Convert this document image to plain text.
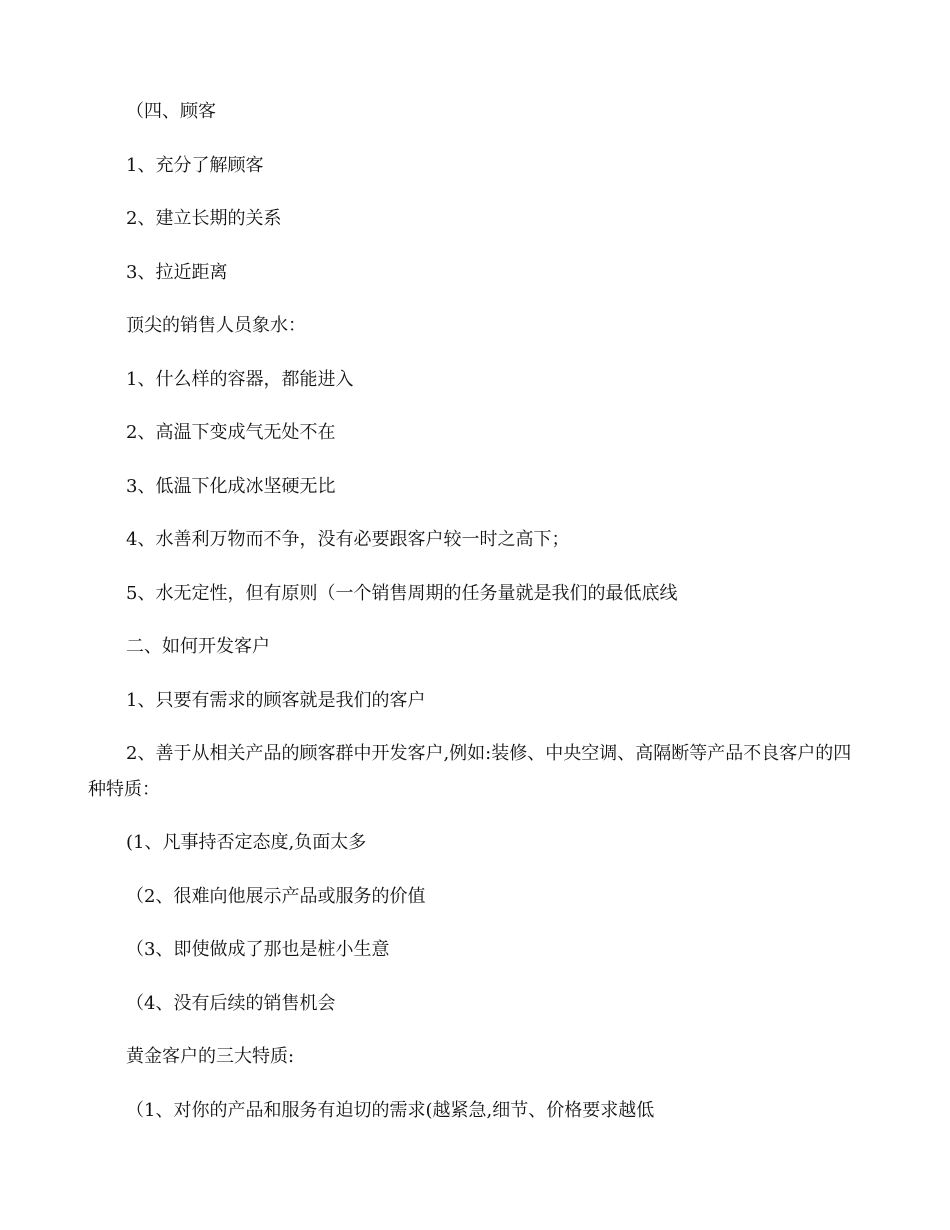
（四、顾客

1、充分了解顾客

2、建立长期的关系

3、拉近距离

顶尖的销售人员象水：

1、什么样的容器，都能进入

2、高温下变成气无处不在

3、低温下化成冰坚硬无比

4、水善利万物而不争，没有必要跟客户较一时之高下；

5、水无定性，但有原则（一个销售周期的任务量就是我们的最低底线

二、如何开发客户

1、只要有需求的顾客就是我们的客户

2、善于从相关产品的顾客群中开发客户,例如:装修、中央空调、高隔断等产品不良客户的四种特质：

(1、凡事持否定态度,负面太多

（2、很难向他展示产品或服务的价值

（3、即使做成了那也是桩小生意

（4、没有后续的销售机会

黄金客户的三大特质:

（1、对你的产品和服务有迫切的需求(越紧急,细节、价格要求越低
